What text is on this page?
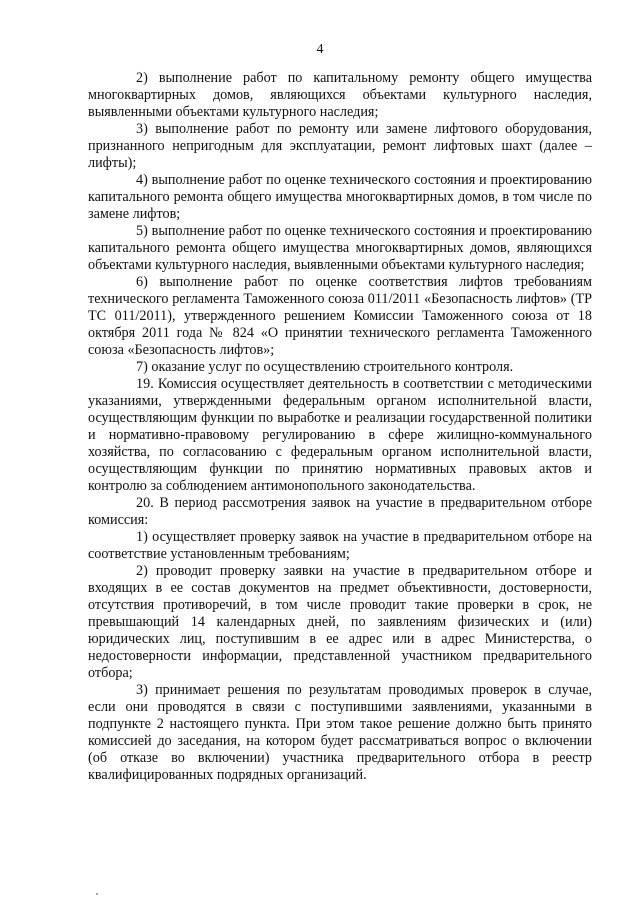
4

2) выполнение работ по капитальному ремонту общего имущества многоквартирных домов, являющихся объектами культурного наследия, выявленными объектами культурного наследия;

3) выполнение работ по ремонту или замене лифтового оборудования, признанного непригодным для эксплуатации, ремонт лифтовых шахт (далее – лифты);

4) выполнение работ по оценке технического состояния и проектированию капитального ремонта общего имущества многоквартирных домов, в том числе по замене лифтов;

5) выполнение работ по оценке технического состояния и проектированию капитального ремонта общего имущества многоквартирных домов, являющихся объектами культурного наследия, выявленными объектами культурного наследия;

6) выполнение работ по оценке соответствия лифтов требованиям технического регламента Таможенного союза 011/2011 «Безопасность лифтов» (ТР ТС 011/2011), утвержденного решением Комиссии Таможенного союза от 18 октября 2011 года № 824 «О принятии технического регламента Таможенного союза «Безопасность лифтов»;

7) оказание услуг по осуществлению строительного контроля.

19. Комиссия осуществляет деятельность в соответствии с методическими указаниями, утвержденными федеральным органом исполнительной власти, осуществляющим функции по выработке и реализации государственной политики и нормативно-правовому регулированию в сфере жилищно-коммунального хозяйства, по согласованию с федеральным органом исполнительной власти, осуществляющим функции по принятию нормативных правовых актов и контролю за соблюдением антимонопольного законодательства.

20. В период рассмотрения заявок на участие в предварительном отборе комиссия:

1) осуществляет проверку заявок на участие в предварительном отборе на соответствие установленным требованиям;

2) проводит проверку заявки на участие в предварительном отборе и входящих в ее состав документов на предмет объективности, достоверности, отсутствия противоречий, в том числе проводит такие проверки в срок, не превышающий 14 календарных дней, по заявлениям физических и (или) юридических лиц, поступившим в ее адрес или в адрес Министерства, о недостоверности информации, представленной участником предварительного отбора;

3) принимает решения по результатам проводимых проверок в случае, если они проводятся в связи с поступившими заявлениями, указанными в подпункте 2 настоящего пункта. При этом такое решение должно быть принято комиссией до заседания, на котором будет рассматриваться вопрос о включении (об отказе во включении) участника предварительного отбора в реестр квалифицированных подрядных организаций.
